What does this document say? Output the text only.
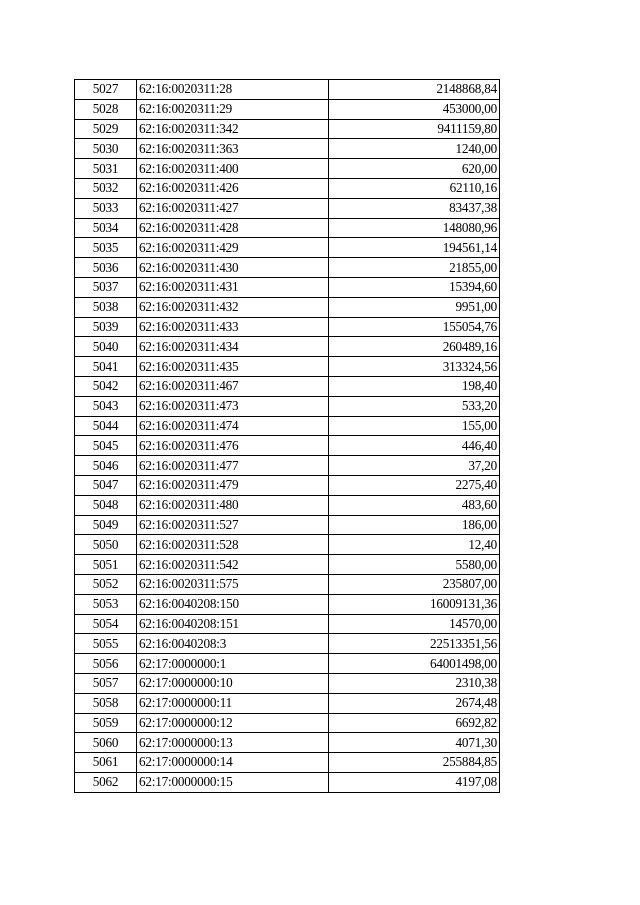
5027	62:16:0020311:28	2148868,84
5028	62:16:0020311:29	453000,00
5029	62:16:0020311:342	9411159,80
5030	62:16:0020311:363	1240,00
5031	62:16:0020311:400	620,00
5032	62:16:0020311:426	62110,16
5033	62:16:0020311:427	83437,38
5034	62:16:0020311:428	148080,96
5035	62:16:0020311:429	194561,14
5036	62:16:0020311:430	21855,00
5037	62:16:0020311:431	15394,60
5038	62:16:0020311:432	9951,00
5039	62:16:0020311:433	155054,76
5040	62:16:0020311:434	260489,16
5041	62:16:0020311:435	313324,56
5042	62:16:0020311:467	198,40
5043	62:16:0020311:473	533,20
5044	62:16:0020311:474	155,00
5045	62:16:0020311:476	446,40
5046	62:16:0020311:477	37,20
5047	62:16:0020311:479	2275,40
5048	62:16:0020311:480	483,60
5049	62:16:0020311:527	186,00
5050	62:16:0020311:528	12,40
5051	62:16:0020311:542	5580,00
5052	62:16:0020311:575	235807,00
5053	62:16:0040208:150	16009131,36
5054	62:16:0040208:151	14570,00
5055	62:16:0040208:3	22513351,56
5056	62:17:0000000:1	64001498,00
5057	62:17:0000000:10	2310,38
5058	62:17:0000000:11	2674,48
5059	62:17:0000000:12	6692,82
5060	62:17:0000000:13	4071,30
5061	62:17:0000000:14	255884,85
5062	62:17:0000000:15	4197,08
